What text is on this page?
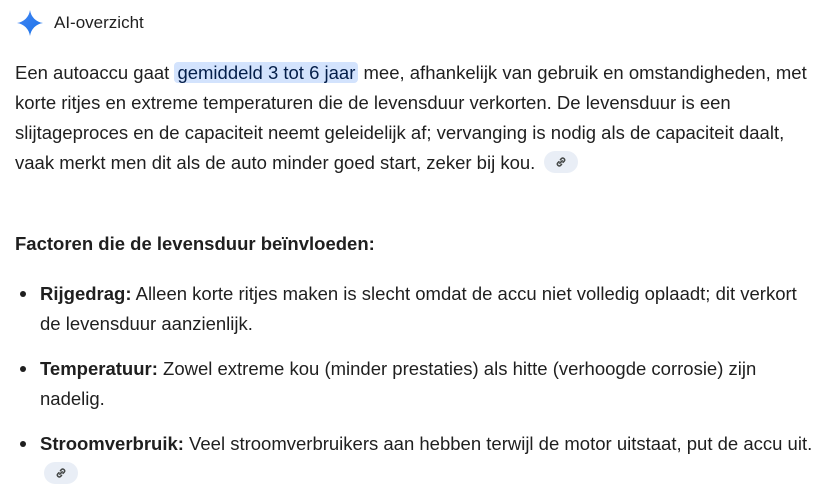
AI-overzicht

Een autoaccu gaat gemiddeld 3 tot 6 jaar mee, afhankelijk van gebruik en omstandigheden, met korte ritjes en extreme temperaturen die de levensduur verkorten. De levensduur is een slijtageproces en de capaciteit neemt geleidelijk af; vervanging is nodig als de capaciteit daalt, vaak merkt men dit als de auto minder goed start, zeker bij kou.

Factoren die de levensduur beïnvloeden:

Rijgedrag: Alleen korte ritjes maken is slecht omdat de accu niet volledig oplaadt; dit verkort de levensduur aanzienlijk.
Temperatuur: Zowel extreme kou (minder prestaties) als hitte (verhoogde corrosie) zijn nadelig.
Stroomverbruik: Veel stroomverbruikers aan hebben terwijl de motor uitstaat, put de accu uit.
